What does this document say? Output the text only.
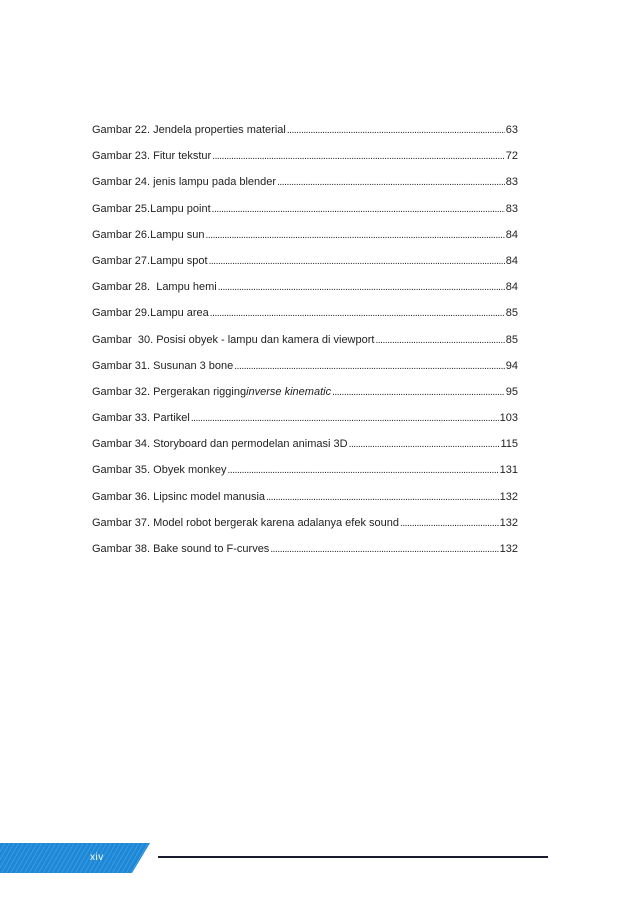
Gambar 22. Jendela properties material . . .	63
Gambar 23. Fitur tekstur . . .	72
Gambar 24. jenis lampu pada blender . . .	83
Gambar 25.Lampu point . . .	83
Gambar 26.Lampu sun . . .	84
Gambar 27.Lampu spot . . .	84
Gambar 28.  Lampu hemi . . .	84
Gambar 29.Lampu area . . .	85
Gambar  30. Posisi obyek - lampu dan kamera di viewport . . .	85
Gambar 31. Susunan 3 bone . . .	94
Gambar 32. Pergerakan rigginginverse kinematic . . .	95
Gambar 33. Partikel . . .	103
Gambar 34. Storyboard dan permodelan animasi 3D . . .	115
Gambar 35. Obyek monkey . . .	131
Gambar 36. Lipsinc model manusia . . .	132
Gambar 37. Model robot bergerak karena adalanya efek sound . . .	132
Gambar 38. Bake sound to F-curves . . .	132
xiv
